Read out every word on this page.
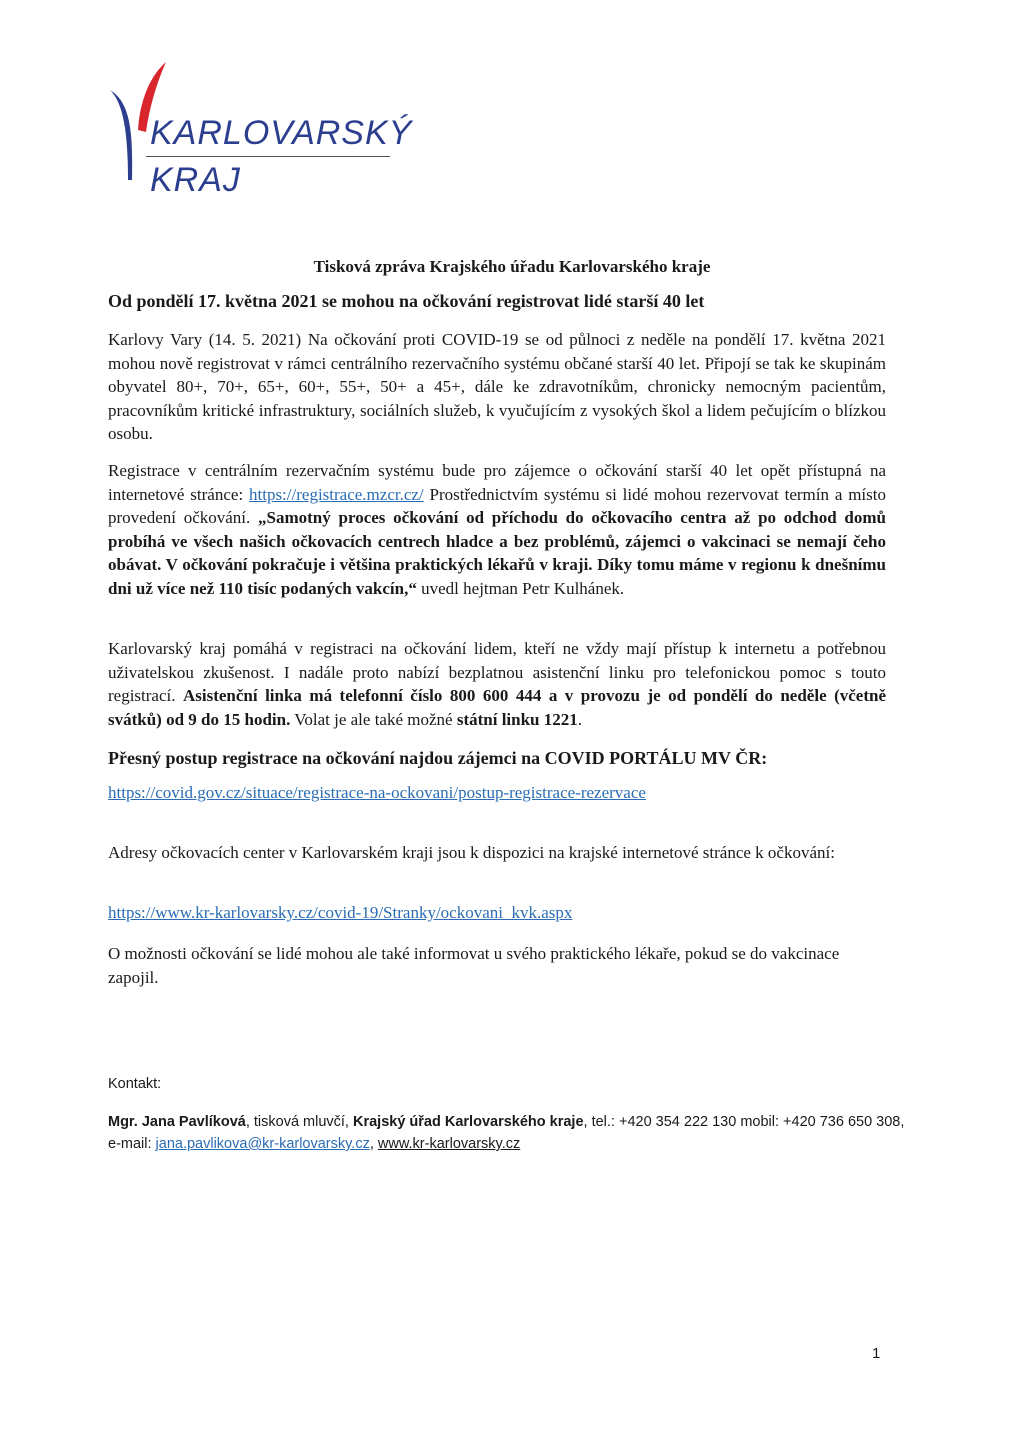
KARLOVARSKÝ
KRAJ
Tisková zpráva Krajského úřadu Karlovarského kraje
Od pondělí 17. května 2021 se mohou na očkování registrovat lidé starší 40 let

Karlovy Vary (14. 5. 2021) Na očkování proti COVID-19 se od půlnoci z neděle na pondělí 17. května 2021 mohou nově registrovat v rámci centrálního rezervačního systému občané starší 40 let. Připojí se tak ke skupinám obyvatel 80+, 70+, 65+, 60+, 55+, 50+ a 45+, dále ke zdravotníkům, chronicky nemocným pacientům, pracovníkům kritické infrastruktury, sociálních služeb, k vyučujícím z vysokých škol a lidem pečujícím o blízkou osobu.

Registrace v centrálním rezervačním systému bude pro zájemce o očkování starší 40 let opět přístupná na internetové stránce: https://registrace.mzcr.cz/ Prostřednictvím systému si lidé mohou rezervovat termín a místo provedení očkování. „Samotný proces očkování od příchodu do očkovacího centra až po odchod domů probíhá ve všech našich očkovacích centrech hladce a bez problémů, zájemci o vakcinaci se nemají čeho obávat. V očkování pokračuje i většina praktických lékařů v kraji. Díky tomu máme v regionu k dnešnímu dni už více než 110 tisíc podaných vakcín,“ uvedl hejtman Petr Kulhánek.

Karlovarský kraj pomáhá v registraci na očkování lidem, kteří ne vždy mají přístup k internetu a potřebnou uživatelskou zkušenost. I nadále proto nabízí bezplatnou asistenční linku pro telefonickou pomoc s touto registrací. Asistenční linka má telefonní číslo 800 600 444 a v provozu je od pondělí do neděle (včetně svátků) od 9 do 15 hodin. Volat je ale také možné státní linku 1221.

Přesný postup registrace na očkování najdou zájemci na COVID PORTÁLU MV ČR:

https://covid.gov.cz/situace/registrace-na-ockovani/postup-registrace-rezervace

Adresy očkovacích center v Karlovarském kraji jsou k dispozici na krajské internetové stránce k očkování:

https://www.kr-karlovarsky.cz/covid-19/Stranky/ockovani_kvk.aspx

O možnosti očkování se lidé mohou ale také informovat u svého praktického lékaře, pokud se do vakcinace zapojil.

Kontakt:
Mgr. Jana Pavlíková, tisková mluvčí, Krajský úřad Karlovarského kraje, tel.: +420 354 222 130 mobil: +420 736 650 308, e-mail: jana.pavlikova@kr-karlovarsky.cz, www.kr-karlovarsky.cz
1
